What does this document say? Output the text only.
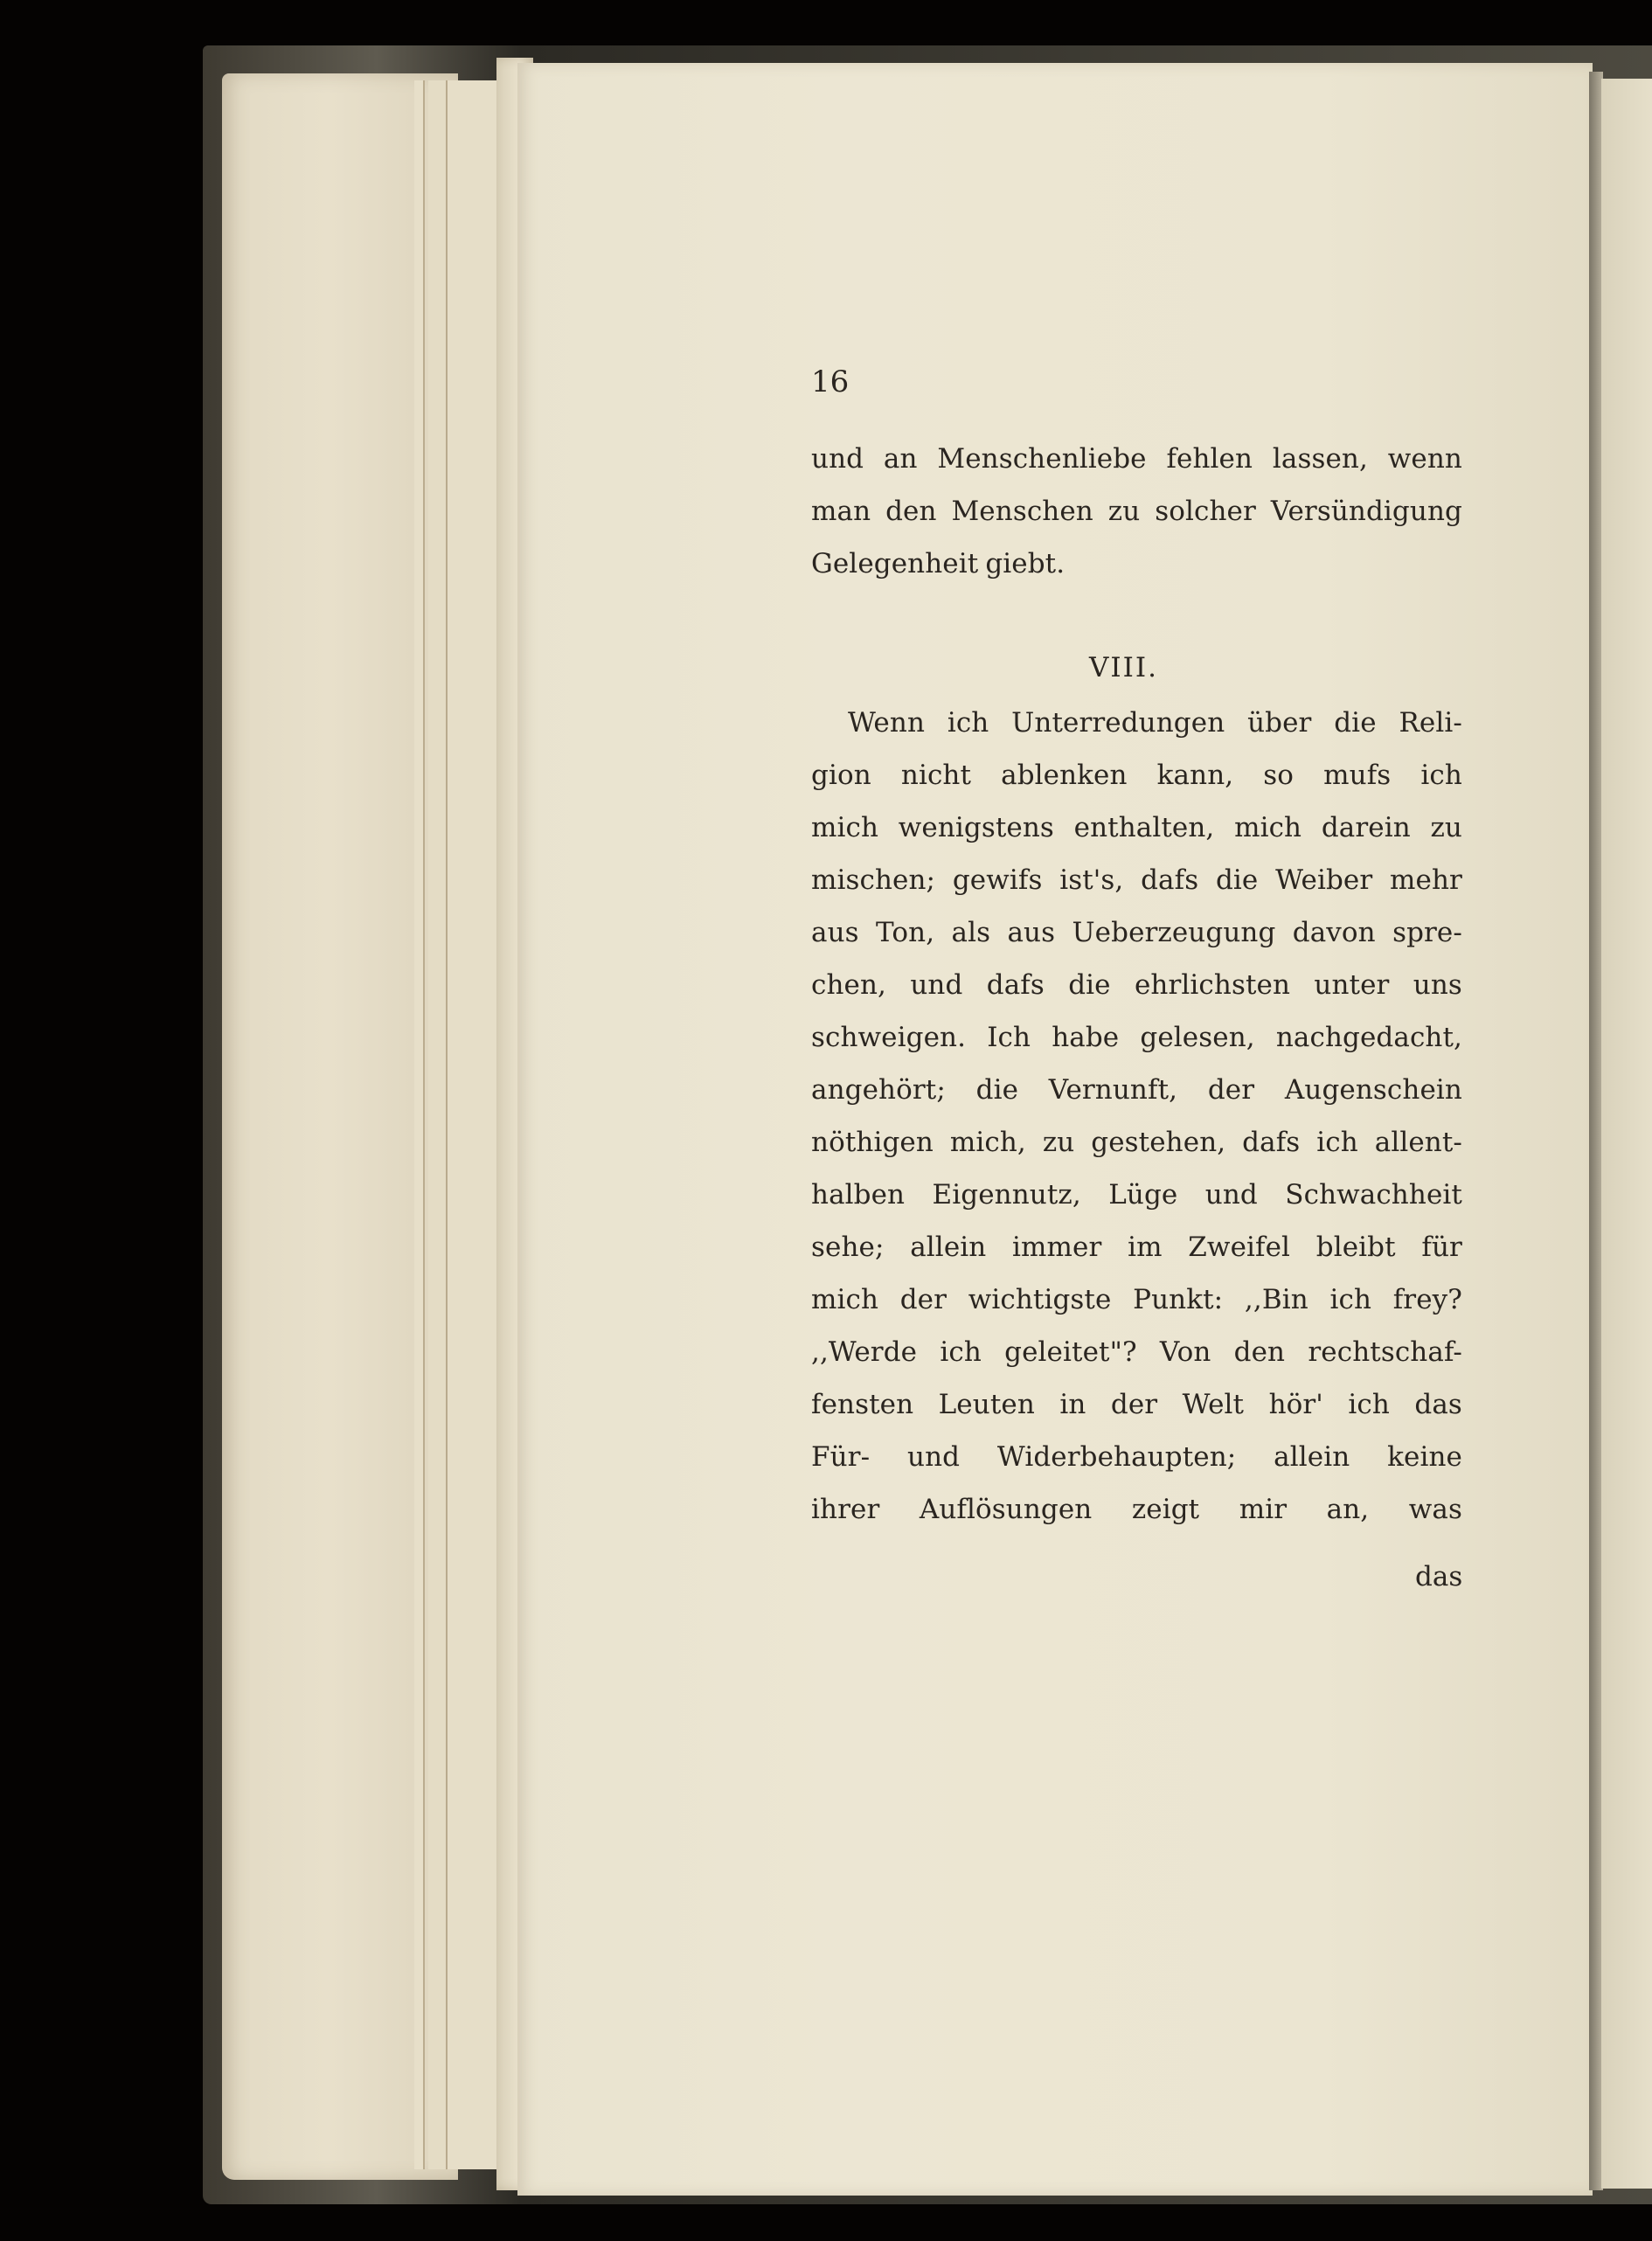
16
und an Menschenliebe fehlen lassen, wenn
man den Menschen zu solcher Versündigung
Gelegenheit giebt.
VIII.
Wenn ich Unterredungen über die Reli-
gion nicht ablenken kann, so mufs ich
mich wenigstens enthalten, mich darein zu
mischen; gewifs ist's, dafs die Weiber mehr
aus Ton, als aus Ueberzeugung davon spre-
chen, und dafs die ehrlichsten unter uns
schweigen. Ich habe gelesen, nachgedacht,
angehört; die Vernunft, der Augenschein
nöthigen mich, zu gestehen, dafs ich allent-
halben Eigennutz, Lüge und Schwachheit
sehe; allein immer im Zweifel bleibt für
mich der wichtigste Punkt: ,,Bin ich frey?
,,Werde ich geleitet"? Von den rechtschaf-
fensten Leuten in der Welt hör' ich das
Für- und Widerbehaupten; allein keine
ihrer Auflösungen zeigt mir an, was
das
